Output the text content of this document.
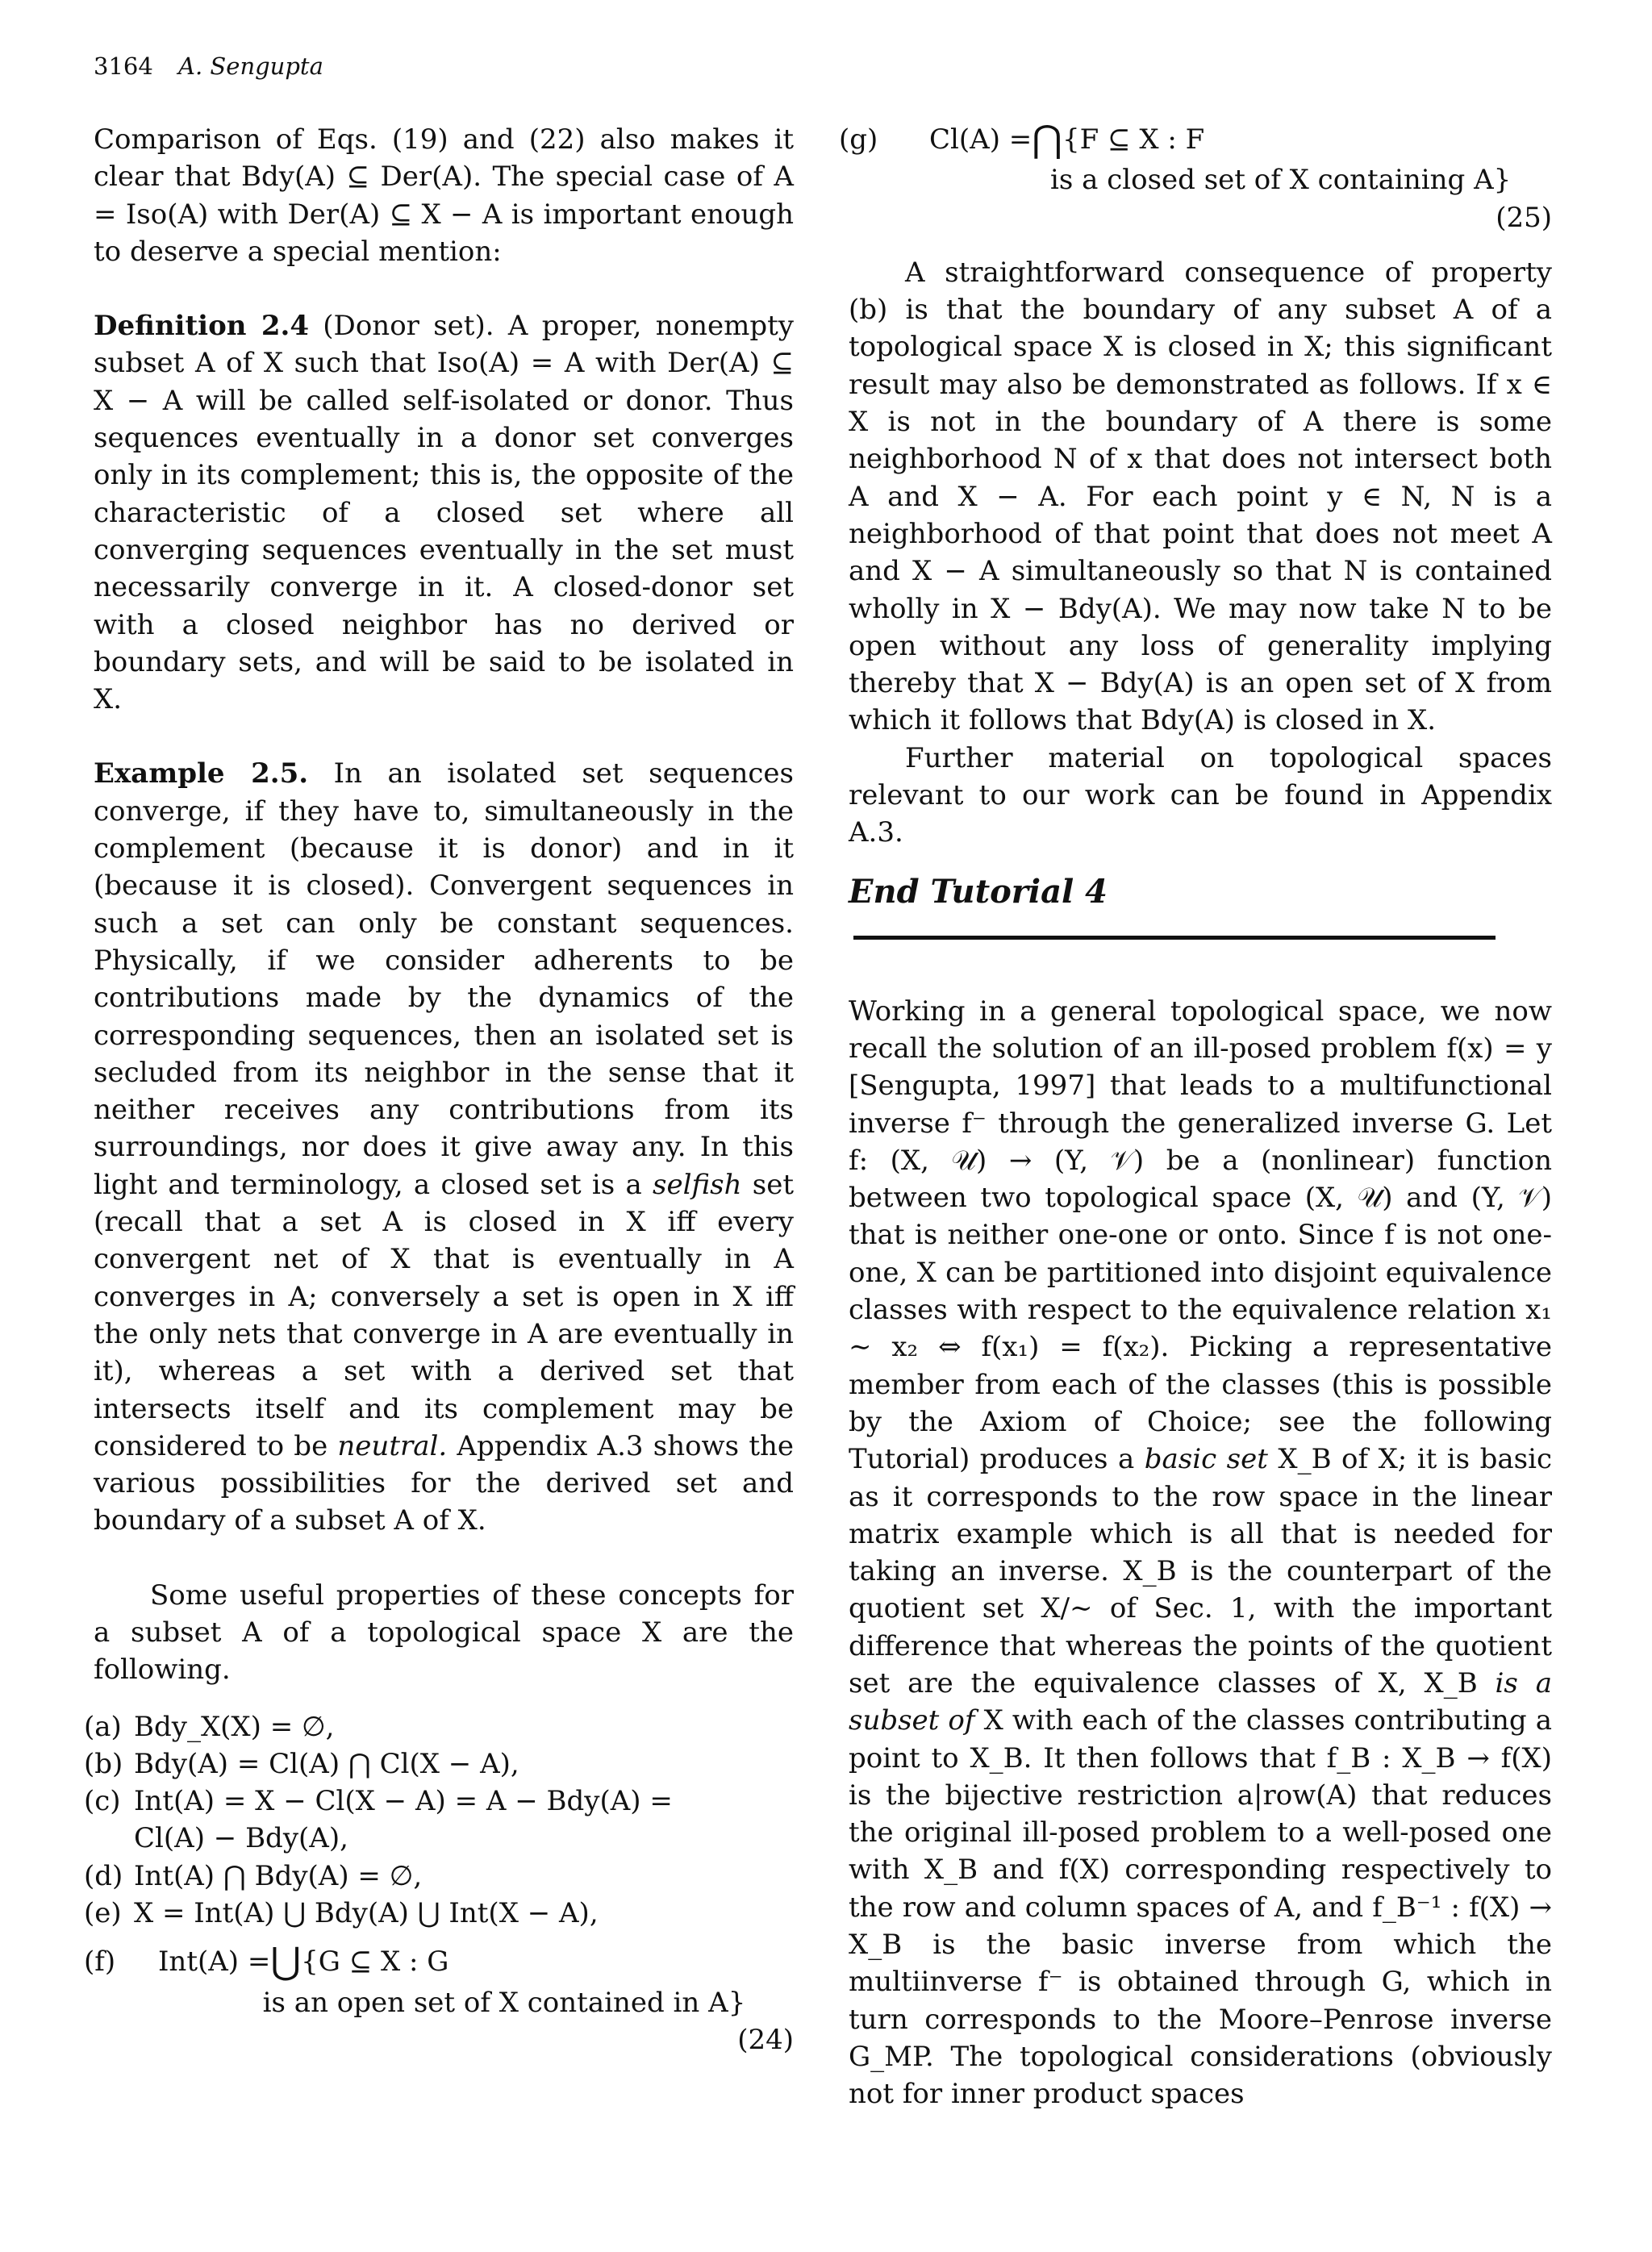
3164 A. Sengupta

Comparison of Eqs. (19) and (22) also makes it clear that Bdy(A) ⊆ Der(A). The special case of A = Iso(A) with Der(A) ⊆ X − A is important enough to deserve a special mention:

Definition 2.4 (Donor set). A proper, nonempty subset A of X such that Iso(A) = A with Der(A) ⊆ X − A will be called self-isolated or donor. Thus sequences eventually in a donor set converges only in its complement; this is, the opposite of the characteristic of a closed set where all converging sequences eventually in the set must necessarily converge in it. A closed-donor set with a closed neighbor has no derived or boundary sets, and will be said to be isolated in X.

Example 2.5. In an isolated set sequences converge, if they have to, simultaneously in the complement (because it is donor) and in it (because it is closed). Convergent sequences in such a set can only be constant sequences. Physically, if we consider adherents to be contributions made by the dynamics of the corresponding sequences, then an isolated set is secluded from its neighbor in the sense that it neither receives any contributions from its surroundings, nor does it give away any. In this light and terminology, a closed set is a selfish set (recall that a set A is closed in X iff every convergent net of X that is eventually in A converges in A; conversely a set is open in X iff the only nets that converge in A are eventually in it), whereas a set with a derived set that intersects itself and its complement may be considered to be neutral. Appendix A.3 shows the various possibilities for the derived set and boundary of a subset A of X.

Some useful properties of these concepts for a subset A of a topological space X are the following.

(a) Bdy_X(X) = ∅,
(b) Bdy(A) = Cl(A) ⋂ Cl(X − A),
(c) Int(A) = X − Cl(X − A) = A − Bdy(A) =
Cl(A) − Bdy(A),
(d) Int(A) ⋂ Bdy(A) = ∅,
(e) X = Int(A) ⋃ Bdy(A) ⋃ Int(X − A),
(f)	Int(A) = ⋃ {G ⊆ X : G
is an open set of X contained in A}
(24)
(g)	Cl(A) = ⋂ {F ⊆ X : F
is a closed set of X containing A}
(25)

A straightforward consequence of property (b) is that the boundary of any subset A of a topological space X is closed in X; this significant result may also be demonstrated as follows. If x ∈ X is not in the boundary of A there is some neighborhood N of x that does not intersect both A and X − A. For each point y ∈ N, N is a neighborhood of that point that does not meet A and X − A simultaneously so that N is contained wholly in X − Bdy(A). We may now take N to be open without any loss of generality implying thereby that X − Bdy(A) is an open set of X from which it follows that Bdy(A) is closed in X.

Further material on topological spaces relevant to our work can be found in Appendix A.3.

End Tutorial 4

Working in a general topological space, we now recall the solution of an ill-posed problem f(x) = y [Sengupta, 1997] that leads to a multifunctional inverse f⁻ through the generalized inverse G. Let f: (X, 𝒰) → (Y, 𝒱) be a (nonlinear) function between two topological space (X, 𝒰) and (Y, 𝒱) that is neither one-one or onto. Since f is not one-one, X can be partitioned into disjoint equivalence classes with respect to the equivalence relation x₁ ∼ x₂ ⇔ f(x₁) = f(x₂). Picking a representative member from each of the classes (this is possible by the Axiom of Choice; see the following Tutorial) produces a basic set X_B of X; it is basic as it corresponds to the row space in the linear matrix example which is all that is needed for taking an inverse. X_B is the counterpart of the quotient set X/∼ of Sec. 1, with the important difference that whereas the points of the quotient set are the equivalence classes of X, X_B is a subset of X with each of the classes contributing a point to X_B. It then follows that f_B : X_B → f(X) is the bijective restriction a|row(A) that reduces the original ill-posed problem to a well-posed one with X_B and f(X) corresponding respectively to the row and column spaces of A, and f_B⁻¹ : f(X) → X_B is the basic inverse from which the multiinverse f⁻ is obtained through G, which in turn corresponds to the Moore–Penrose inverse G_MP. The topological considerations (obviously not for inner product spaces
